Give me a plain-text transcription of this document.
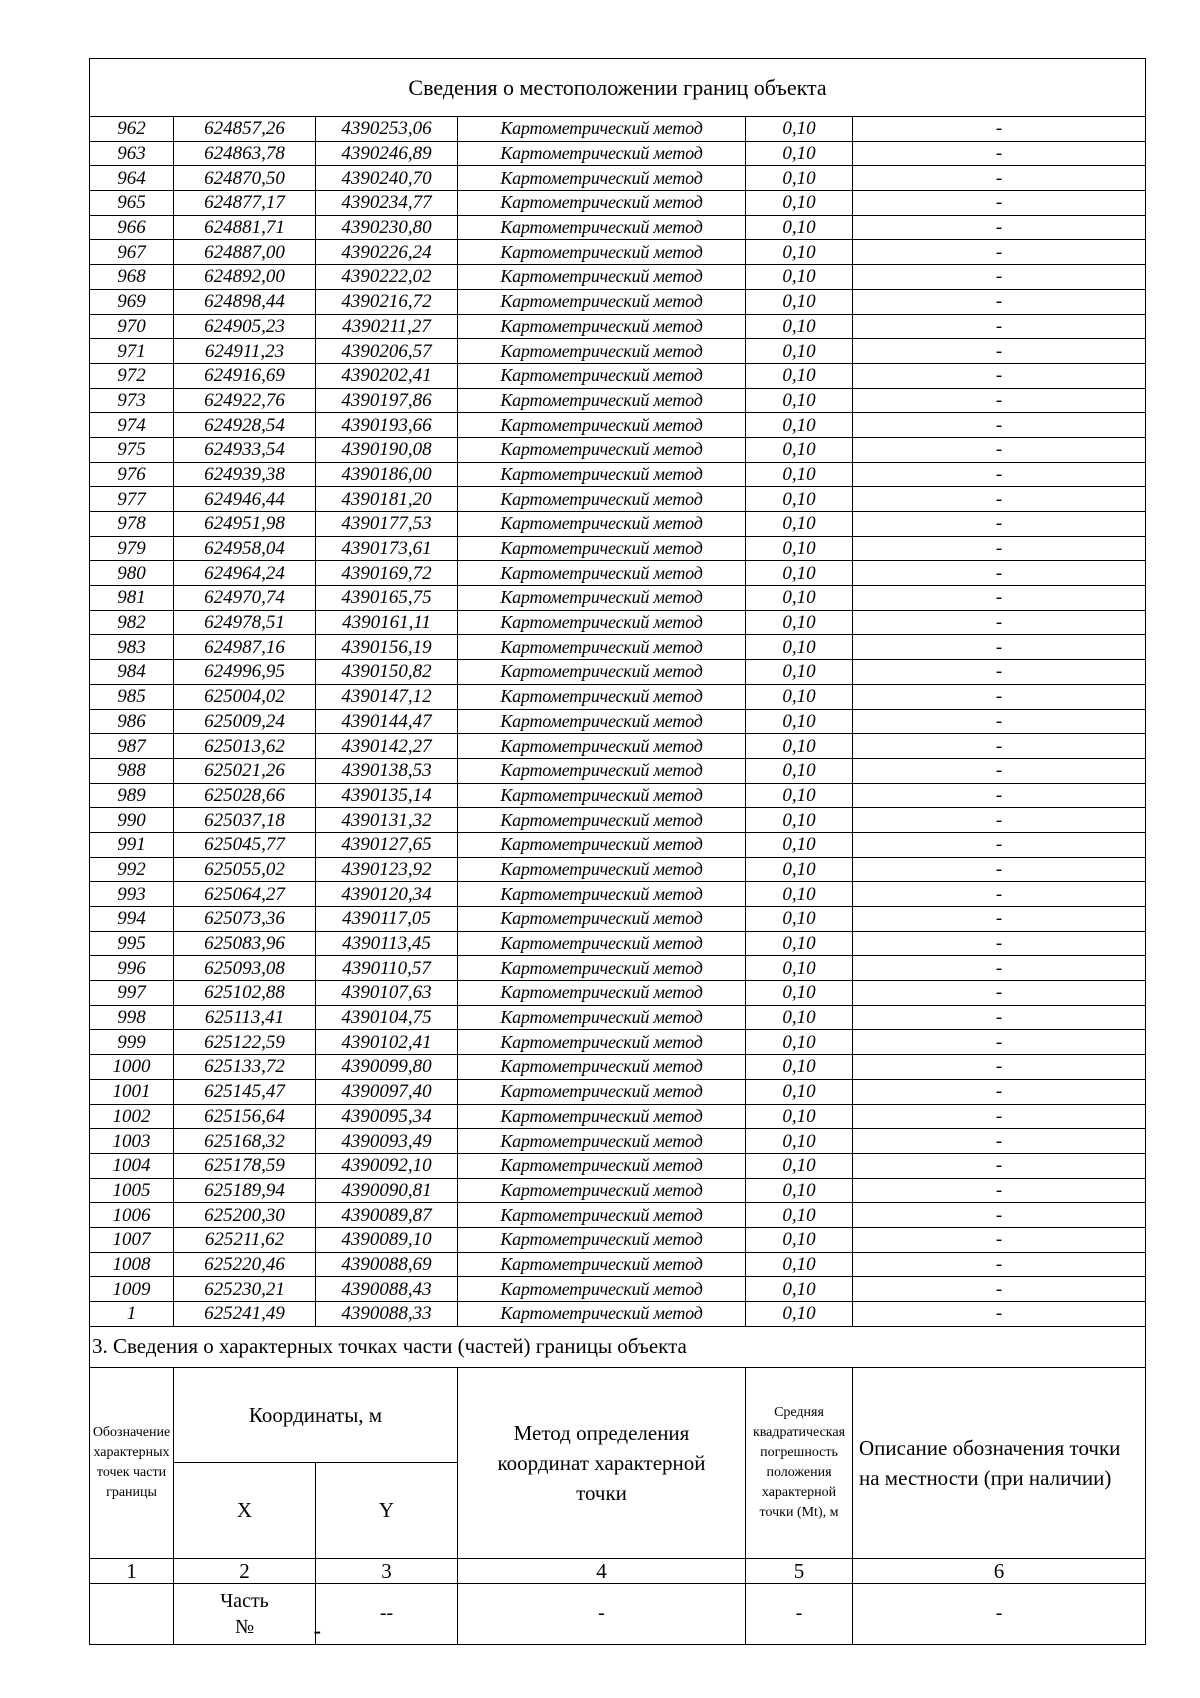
Сведения о местоположении границ объекта					
962	624857,26	4390253,06	Картометрический метод	0,10	-
963	624863,78	4390246,89	Картометрический метод	0,10	-
964	624870,50	4390240,70	Картометрический метод	0,10	-
965	624877,17	4390234,77	Картометрический метод	0,10	-
966	624881,71	4390230,80	Картометрический метод	0,10	-
967	624887,00	4390226,24	Картометрический метод	0,10	-
968	624892,00	4390222,02	Картометрический метод	0,10	-
969	624898,44	4390216,72	Картометрический метод	0,10	-
970	624905,23	4390211,27	Картометрический метод	0,10	-
971	624911,23	4390206,57	Картометрический метод	0,10	-
972	624916,69	4390202,41	Картометрический метод	0,10	-
973	624922,76	4390197,86	Картометрический метод	0,10	-
974	624928,54	4390193,66	Картометрический метод	0,10	-
975	624933,54	4390190,08	Картометрический метод	0,10	-
976	624939,38	4390186,00	Картометрический метод	0,10	-
977	624946,44	4390181,20	Картометрический метод	0,10	-
978	624951,98	4390177,53	Картометрический метод	0,10	-
979	624958,04	4390173,61	Картометрический метод	0,10	-
980	624964,24	4390169,72	Картометрический метод	0,10	-
981	624970,74	4390165,75	Картометрический метод	0,10	-
982	624978,51	4390161,11	Картометрический метод	0,10	-
983	624987,16	4390156,19	Картометрический метод	0,10	-
984	624996,95	4390150,82	Картометрический метод	0,10	-
985	625004,02	4390147,12	Картометрический метод	0,10	-
986	625009,24	4390144,47	Картометрический метод	0,10	-
987	625013,62	4390142,27	Картометрический метод	0,10	-
988	625021,26	4390138,53	Картометрический метод	0,10	-
989	625028,66	4390135,14	Картометрический метод	0,10	-
990	625037,18	4390131,32	Картометрический метод	0,10	-
991	625045,77	4390127,65	Картометрический метод	0,10	-
992	625055,02	4390123,92	Картометрический метод	0,10	-
993	625064,27	4390120,34	Картометрический метод	0,10	-
994	625073,36	4390117,05	Картометрический метод	0,10	-
995	625083,96	4390113,45	Картометрический метод	0,10	-
996	625093,08	4390110,57	Картометрический метод	0,10	-
997	625102,88	4390107,63	Картометрический метод	0,10	-
998	625113,41	4390104,75	Картометрический метод	0,10	-
999	625122,59	4390102,41	Картометрический метод	0,10	-
1000	625133,72	4390099,80	Картометрический метод	0,10	-
1001	625145,47	4390097,40	Картометрический метод	0,10	-
1002	625156,64	4390095,34	Картометрический метод	0,10	-
1003	625168,32	4390093,49	Картометрический метод	0,10	-
1004	625178,59	4390092,10	Картометрический метод	0,10	-
1005	625189,94	4390090,81	Картометрический метод	0,10	-
1006	625200,30	4390089,87	Картометрический метод	0,10	-
1007	625211,62	4390089,10	Картометрический метод	0,10	-
1008	625220,46	4390088,69	Картометрический метод	0,10	-
1009	625230,21	4390088,43	Картометрический метод	0,10	-
1	625241,49	4390088,33	Картометрический метод	0,10	-
3. Сведения о характерных точках части (частей) границы объекта					
Обозначение характерных точек части границы	Координаты, м		Метод определения координат характерной точки	Средняя квадратическая погрешность положения характерной точки (Mt), м	Описание обозначения точки на местности (при наличии)
	X	Y			
1	2	3	4	5	6
	Часть № -	--	-	-	-
